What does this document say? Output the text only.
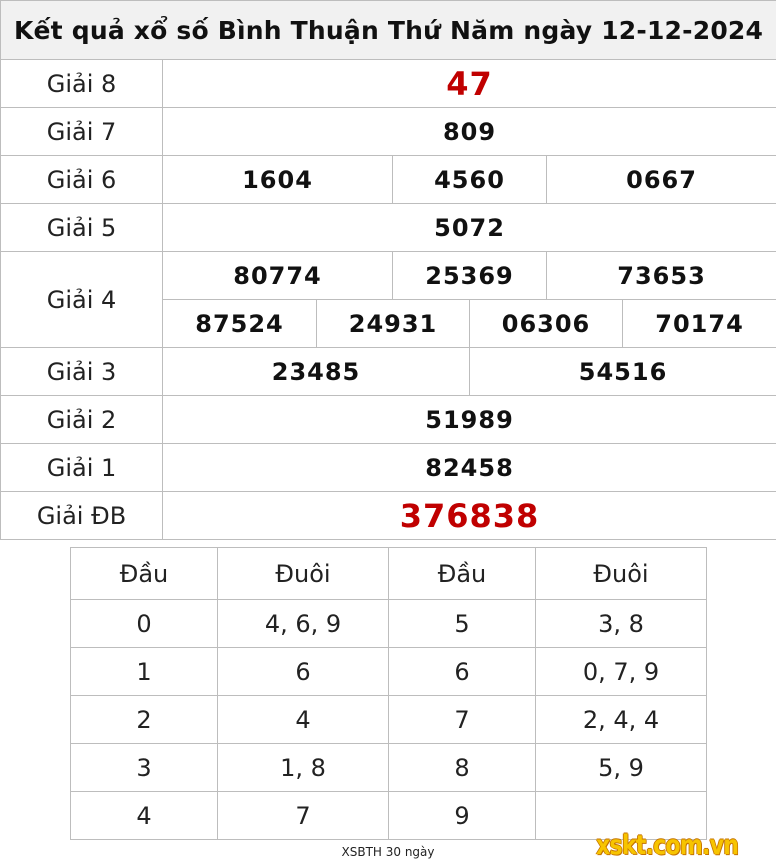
Kết quả xổ số Bình Thuận Thứ Năm ngày 12-12-2024						
Giải 8	47					
Giải 7	809					
Giải 6	1604		4560		0667	
Giải 5	5072					
Giải 4	80774		25369		73653	
	87524	24931		06306		70174
Giải 3	23485			54516		
Giải 2	51989					
Giải 1	82458					
Giải ĐB	376838					
Đầu	Đuôi	Đầu	Đuôi
0	4, 6, 9	5	3, 8
1	6	6	0, 7, 9
2	4	7	2, 4, 4
3	1, 8	8	5, 9
4	7	9	
XSBTH 30 ngày	xskt.com.vn
